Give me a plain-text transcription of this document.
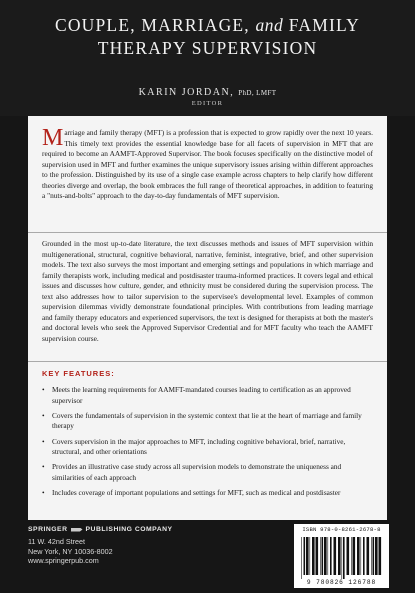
COUPLE, MARRIAGE, and FAMILY
THERAPY SUPERVISION
KARIN JORDAN, PhD, LMFT
EDITOR

Marriage and family therapy (MFT) is a profession that is expected to grow rapidly over the next 10 years. This timely text provides the essential knowledge base for all facets of supervision in MFT that are required to become an AAMFT-Approved Supervisor. The book focuses specifically on the distinctive model of supervision used in MFT and further examines the unique supervisory issues arising within different approaches to the profession. Distinguished by its use of a single case example across chapters to help clarify how different theories diverge and overlap, the book embraces the full range of theoretical approaches, in addition to featuring a "nuts-and-bolts" approach to the day-to-day fundamentals of MFT supervision.

Grounded in the most up-to-date literature, the text discusses methods and issues of MFT supervision within multigenerational, structural, cognitive behavioral, narrative, feminist, integrative, brief, and other supervision models. The text also surveys the most important and emerging settings and populations in which marriage and family therapists work, including medical and postdisaster trauma-informed practices. It covers legal and ethical issues and discusses how culture, gender, and ethnicity must be considered during the supervision process. The text also addresses how to tailor supervision to the supervisee's developmental level. Examples of common supervision dilemmas vividly demonstrate foundational principles. With contributions from leading marriage and family therapy educators and experienced supervisors, the text is designed for therapists at both the master's and doctoral levels who seek the Approved Supervisor Credential and for MFT faculty who teach the AAMFT supervision course.

KEY FEATURES:
• Meets the learning requirements for AAMFT-mandated courses leading to certification as an approved supervisor
• Covers the fundamentals of supervision in the systemic context that lie at the heart of marriage and family therapy
• Covers supervision in the major approaches to MFT, including cognitive behavioral, brief, narrative, structural, and other orientations
• Provides an illustrative case study across all supervision models to demonstrate the uniqueness and similarities of each approach
• Includes coverage of important populations and settings for MFT, such as medical and postdisaster
SPRINGER	PUBLISHING COMPANY
11 W. 42nd Street
New York, NY 10036-8002
www.springerpub.com
ISBN 978-0-8261-2678-8
9 780826 126788
